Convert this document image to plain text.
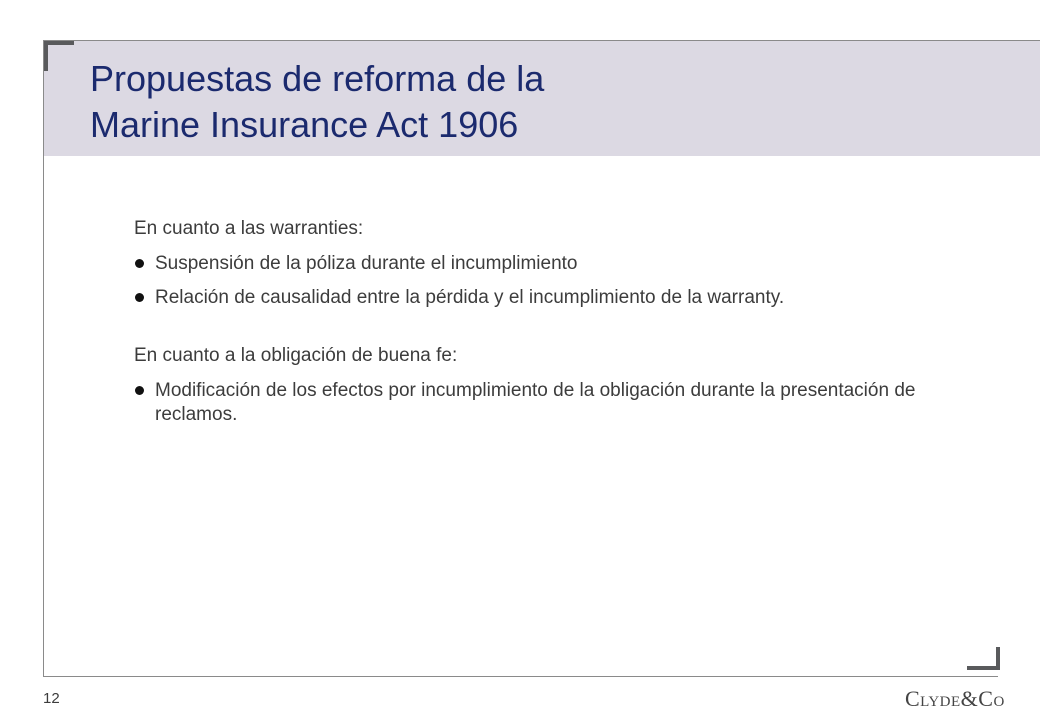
Propuestas de reforma de la
Marine Insurance Act 1906

En cuanto a las warranties:

Suspensión de la póliza durante el incumplimiento
Relación de causalidad entre la pérdida y el incumplimiento de la warranty.

En cuanto a la obligación de buena fe:

Modificación de los efectos por incumplimiento de la obligación durante la presentación de reclamos.
12	Clyde&Co
